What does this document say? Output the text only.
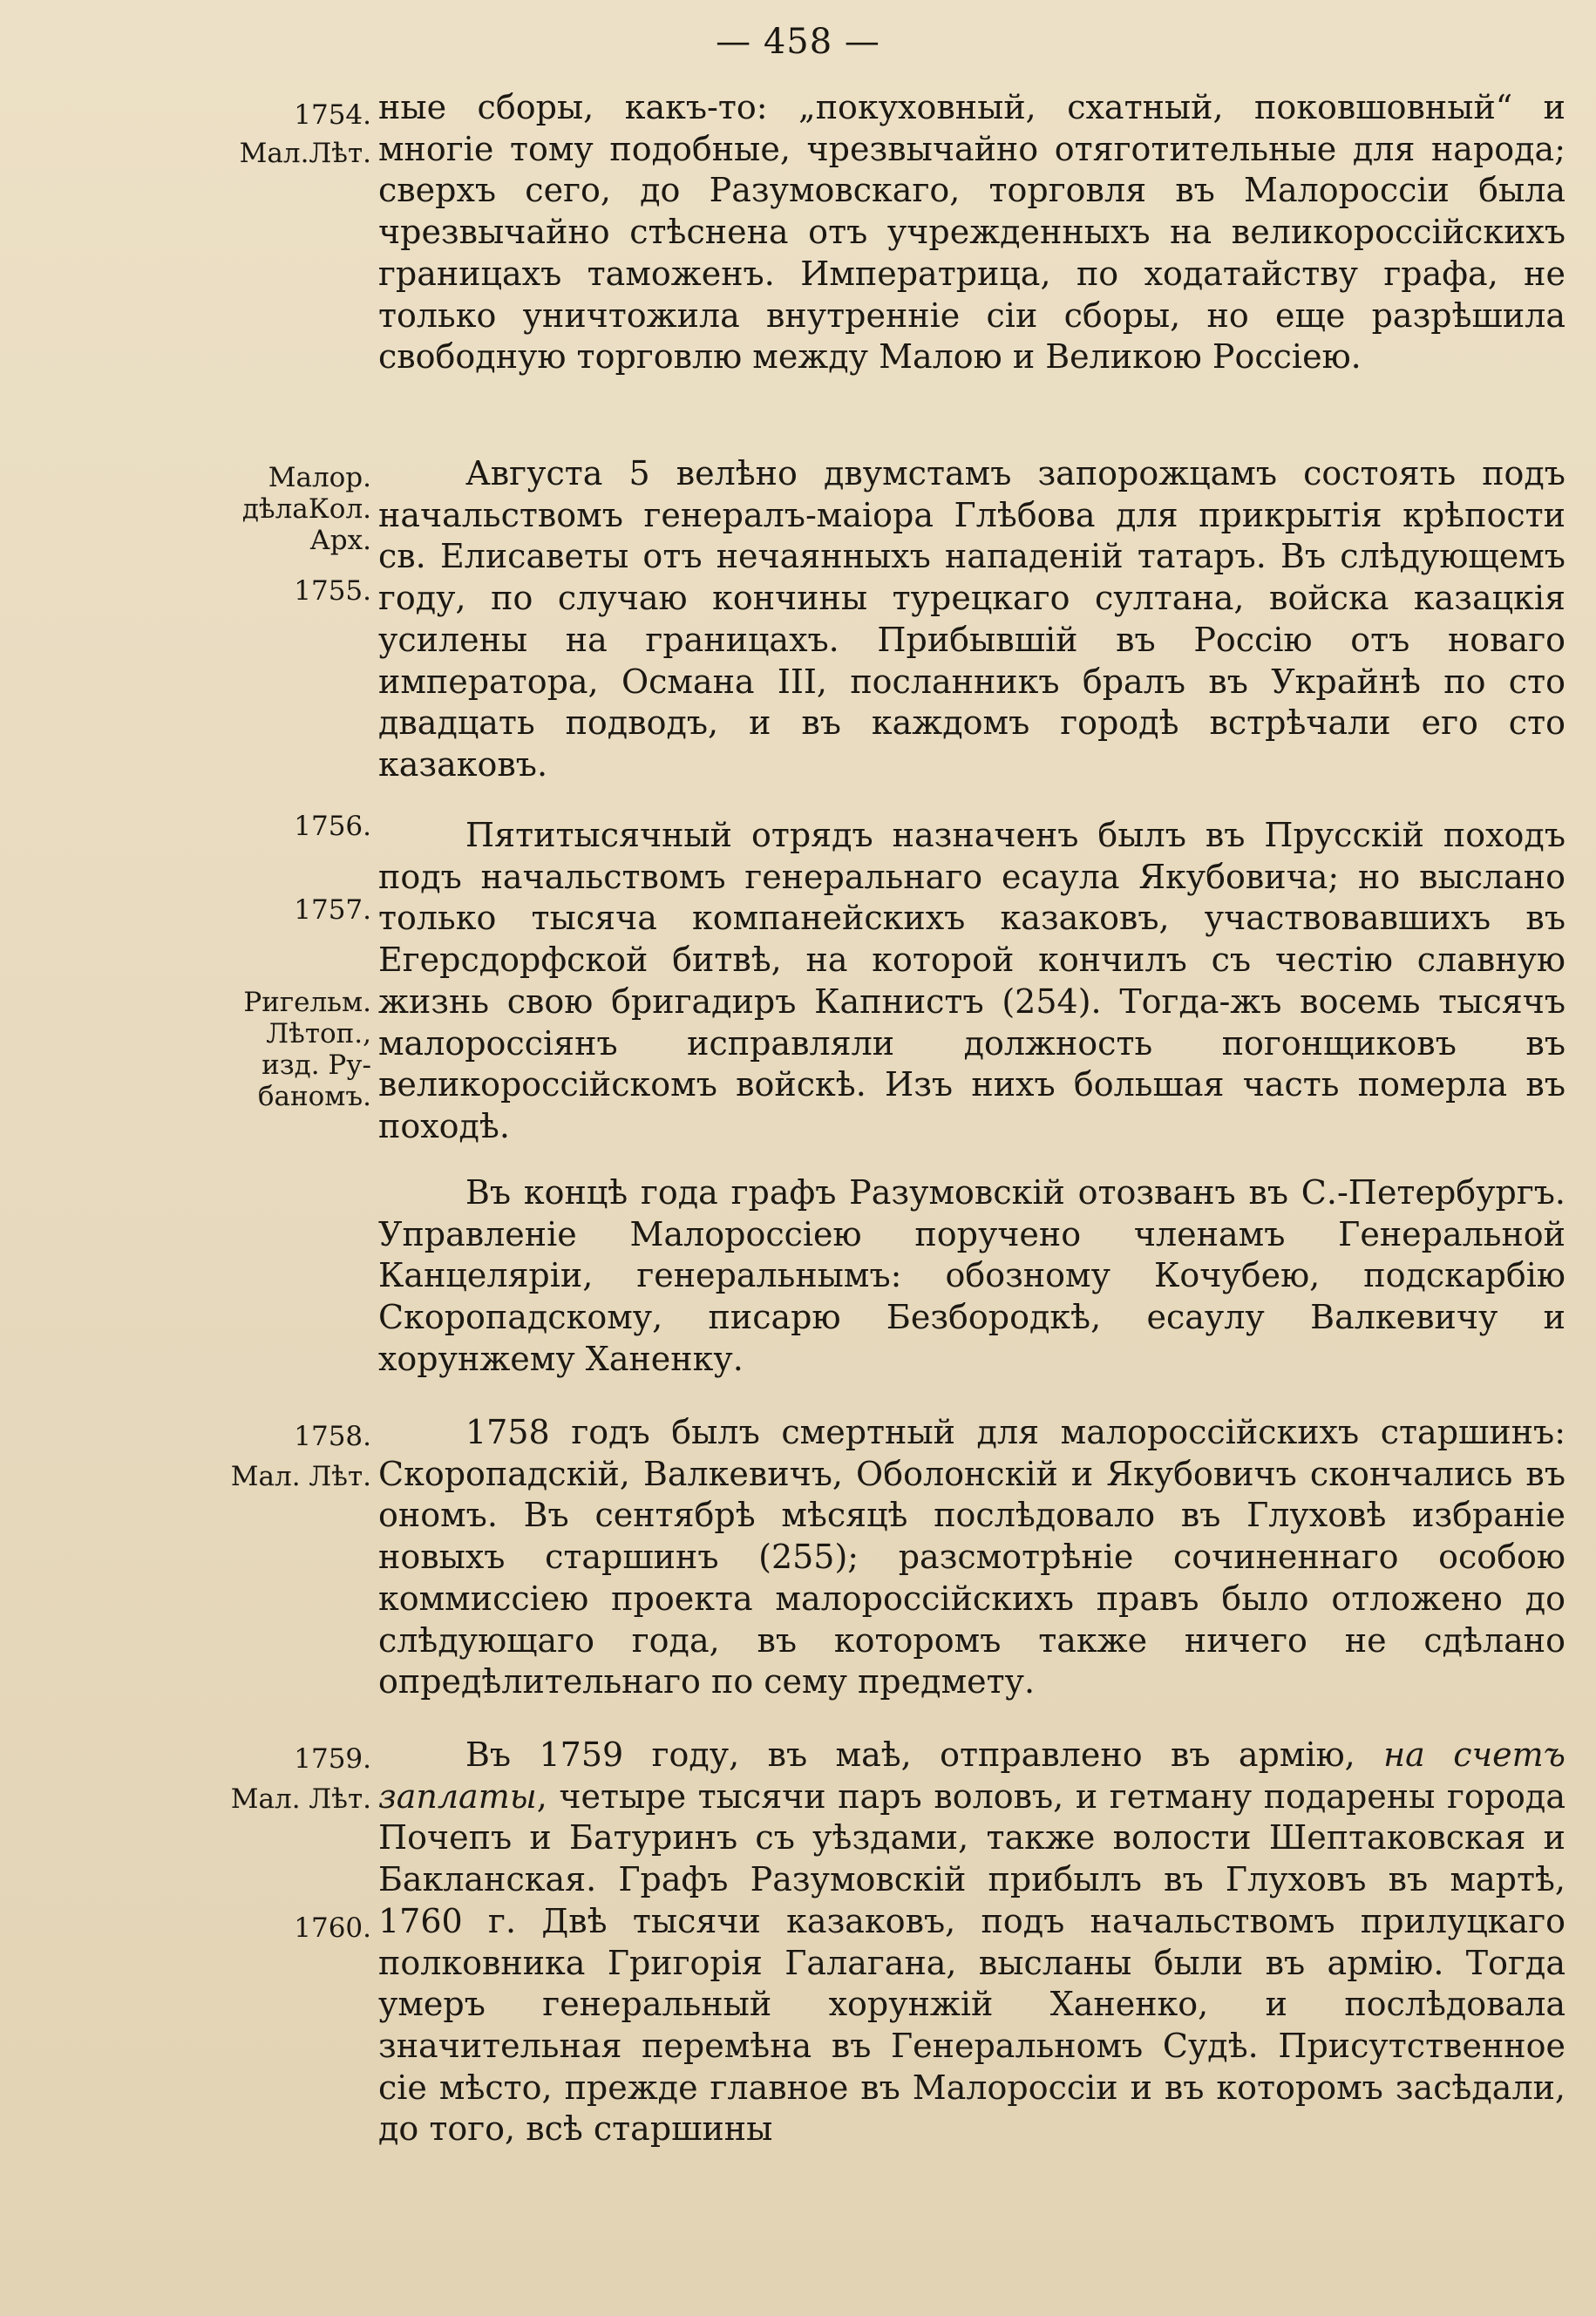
— 458 —
1754.
Мал.Лѣт.
Малор.
дѣлаКол.
Арх.
1755.
1756.
1757.
Ригельм.
Лѣтоп.,
изд. Ру-
баномъ.
1758.
Мал. Лѣт.
1759.
Мал. Лѣт.
1760.
ные сборы, какъ-то: „покуховный, схатный, поковшовный“ и многіе тому подобные, чрезвычайно отяготительные для народа; сверхъ сего, до Разумовскаго, торговля въ Малороссіи была чрезвычайно стѣснена отъ учрежденныхъ на великороссійскихъ границахъ таможенъ. Императрица, по ходатайству графа, не только уничтожила внутренніе сіи сборы, но еще разрѣшила свободную торговлю между Малою и Великою Россіею.
Августа 5 велѣно двумстамъ запорожцамъ состоять подъ начальствомъ генералъ-маіора Глѣбова для прикрытія крѣпости св. Елисаветы отъ нечаянныхъ нападеній татаръ. Въ слѣдующемъ году, по случаю кончины турецкаго султана, войска казацкія усилены на границахъ. Прибывшій въ Россію отъ новаго императора, Османа III, посланникъ бралъ въ Украйнѣ по сто двадцать подводъ, и въ каждомъ городѣ встрѣчали его сто казаковъ.
Пятитысячный отрядъ назначенъ былъ въ Прусскій походъ подъ начальствомъ генеральнаго есаула Якубовича; но выслано только тысяча компанейскихъ казаковъ, участвовавшихъ въ Егерсдорфской битвѣ, на которой кончилъ съ честію славную жизнь свою бригадиръ Капнистъ (254). Тогда-жъ восемь тысячъ малороссіянъ исправляли должность погонщиковъ въ великороссійскомъ войскѣ. Изъ нихъ большая часть померла въ походѣ.
Въ концѣ года графъ Разумовскій отозванъ въ С.-Петербургъ. Управленіе Малороссіею поручено членамъ Генеральной Канцеляріи, генеральнымъ: обозному Кочубею, подскарбію Скоропадскому, писарю Безбородкѣ, есаулу Валкевичу и хорунжему Ханенку.
1758 годъ былъ смертный для малороссійскихъ старшинъ: Скоропадскій, Валкевичъ, Оболонскій и Якубовичъ скончались въ ономъ. Въ сентябрѣ мѣсяцѣ послѣдовало въ Глуховѣ избраніе новыхъ старшинъ (255); разсмотрѣніе сочиненнаго особою коммиссіею проекта малороссійскихъ правъ было отложено до слѣдующаго года, въ которомъ также ничего не сдѣлано опредѣлительнаго по сему предмету.
Въ 1759 году, въ маѣ, отправлено въ армію, на счетъ заплаты, четыре тысячи паръ воловъ, и гетману подарены города Почепъ и Батуринъ съ уѣздами, также волости Шептаковская и Бакланская. Графъ Разумовскій прибылъ въ Глуховъ въ мартѣ, 1760 г. Двѣ тысячи казаковъ, подъ начальствомъ прилуцкаго полковника Григорія Галагана, высланы были въ армію. Тогда умеръ генеральный хорунжій Ханенко, и послѣдовала значительная перемѣна въ Генеральномъ Судѣ. Присутственное сіе мѣсто, прежде главное въ Малороссіи и въ которомъ засѣдали, до того, всѣ старшины
